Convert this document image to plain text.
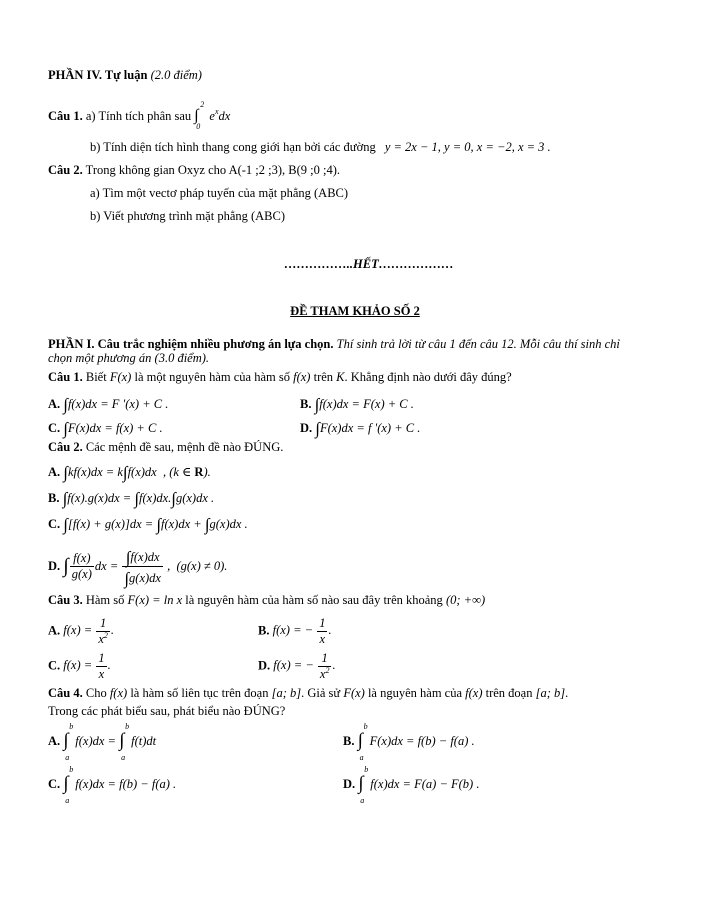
PHẦN IV. Tự luận (2.0 điểm)
Câu 1. a) Tính tích phân sau ∫
2
0
$e^xdx$
b) Tính diện tích hình thang cong giới hạn bởi các đường y = 2x − 1, y = 0, x = −2, x = 3 .
Câu 2. Trong không gian Oxyz cho A(-1 ;2 ;3), B(9 ;0 ;4).
a) Tìm một vectơ pháp tuyến của mặt phẳng (ABC)
b) Viết phương trình mặt phẳng (ABC)
……………..HẾT………………
ĐỀ THAM KHẢO SỐ 2
PHẦN I. Câu trắc nghiệm nhiều phương án lựa chọn. Thí sinh trả lời từ câu 1 đến câu 12. Mỗi câu thí sinh chỉ
chọn một phương án (3.0 điểm).
Câu 1. Biết F(x) là một nguyên hàm của hàm số f(x) trên K. Khẳng định nào dưới đây đúng?
A. ∫f(x)dx = F '(x) + C .	B. ∫f(x)dx = F(x) + C .
C. ∫F(x)dx = f(x) + C .	D. ∫F(x)dx = f '(x) + C .
Câu 2. Các mệnh đề sau, mệnh đề nào ĐÚNG.
A. ∫kf(x)dx = k∫f(x)dx  , (k ∈ R).
B. ∫f(x).g(x)dx = ∫f(x)dx.∫g(x)dx .
C. ∫[f(x) + g(x)]dx = ∫f(x)dx + ∫g(x)dx .
D. ∫ $\frac{f(x)}{g(x)}$ dx = $\frac{\int f(x)dx}{\int g(x)dx}$ ,  (g(x) ≠ 0).
Câu 3. Hàm số F(x) = ln x là nguyên hàm của hàm số nào sau đây trên khoảng (0; +∞)
A. $f(x) = \frac{1}{x^2}$ .	B. f(x) = − $\frac{1}{x}$ .
C. $f(x) = \frac{1}{x}$ .	D. f(x) = − $\frac{1}{x^2}$ .
Câu 4. Cho f(x) là hàm số liên tục trên đoạn [a; b]. Giả sử F(x) là nguyên hàm của f(x) trên đoạn [a; b].
Trong các phát biểu sau, phát biểu nào ĐÚNG?
A. ∫
b
a
f(x)dx = ∫
b
a
f(t)dt	B. ∫
b
a
F(x)dx = f(b) − f(a) .
C. ∫
b
a
f(x)dx = f(b) − f(a) .	D. ∫
b
a
f(x)dx = F(a) − F(b) .
